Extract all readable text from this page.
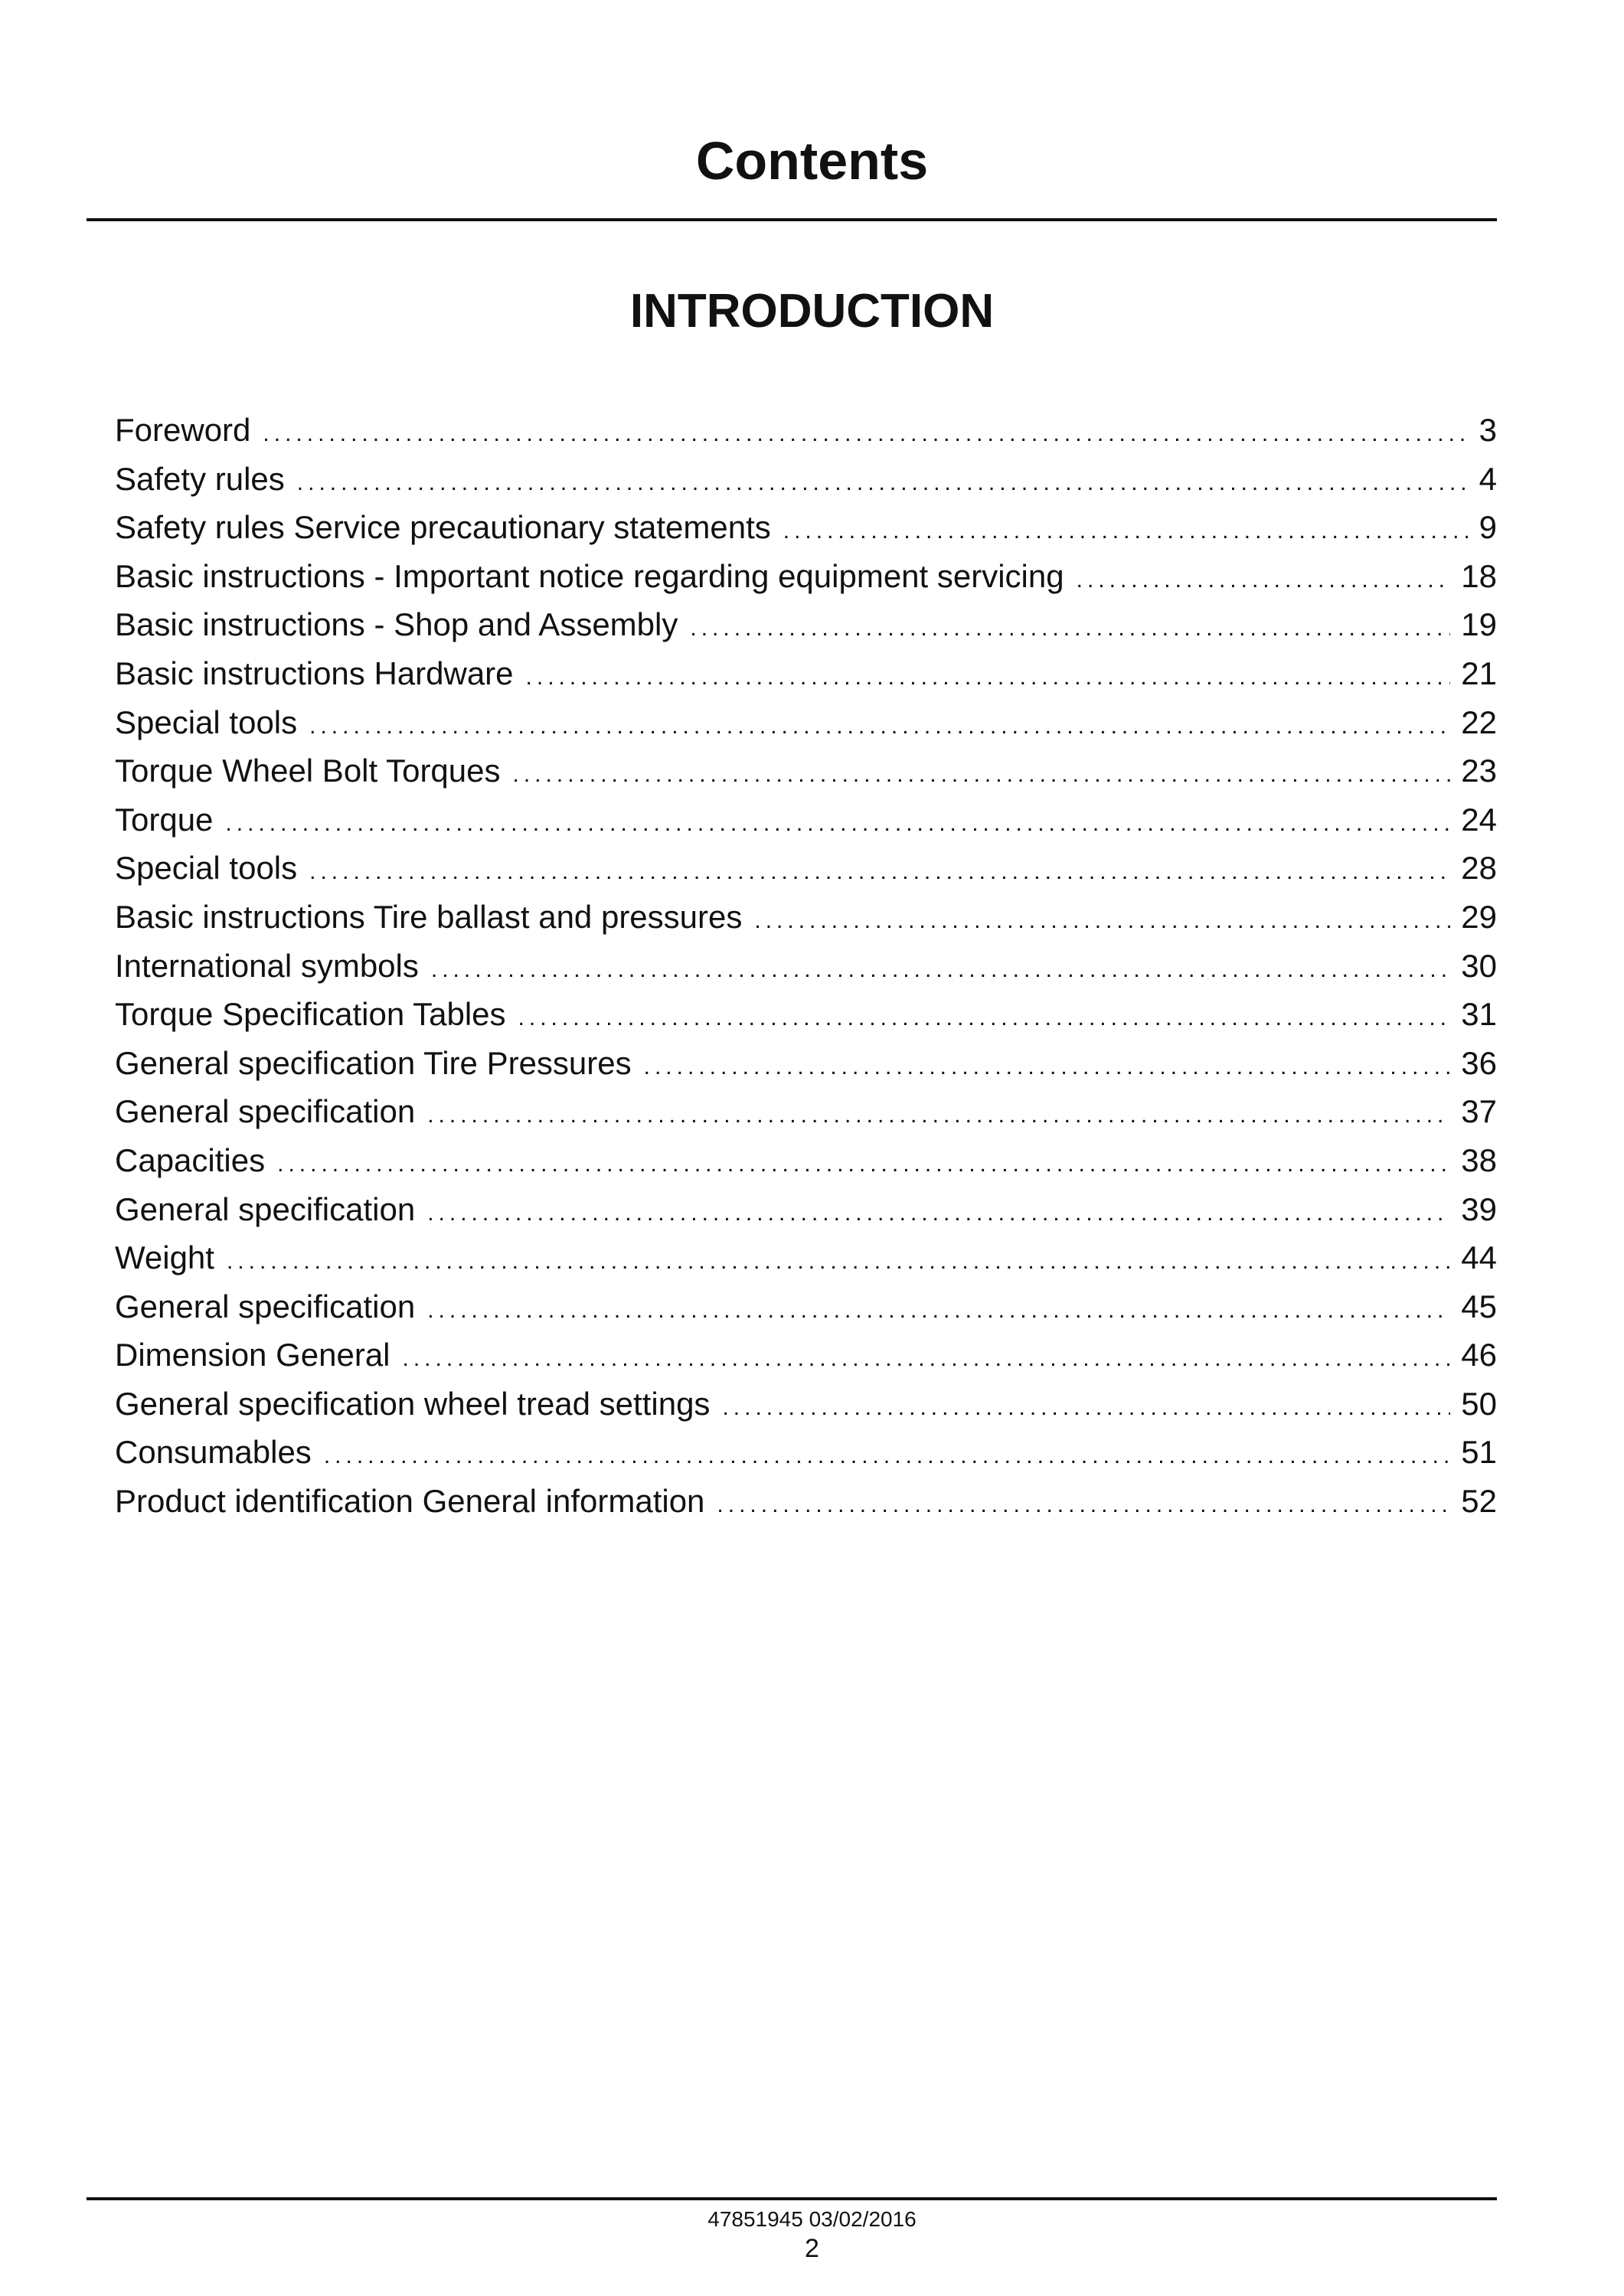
Contents
INTRODUCTION
Foreword .....	3
Safety rules .....	4
Safety rules Service precautionary statements .....	9
Basic instructions - Important notice regarding equipment servicing .....	18
Basic instructions - Shop and Assembly .....	19
Basic instructions Hardware .....	21
Special tools .....	22
Torque Wheel Bolt Torques .....	23
Torque .....	24
Special tools .....	28
Basic instructions Tire ballast and pressures .....	29
International symbols .....	30
Torque Specification Tables .....	31
General specification Tire Pressures .....	36
General specification .....	37
Capacities .....	38
General specification .....	39
Weight .....	44
General specification .....	45
Dimension General .....	46
General specification wheel tread settings .....	50
Consumables .....	51
Product identification General information .....	52
47851945 03/02/2016
2
